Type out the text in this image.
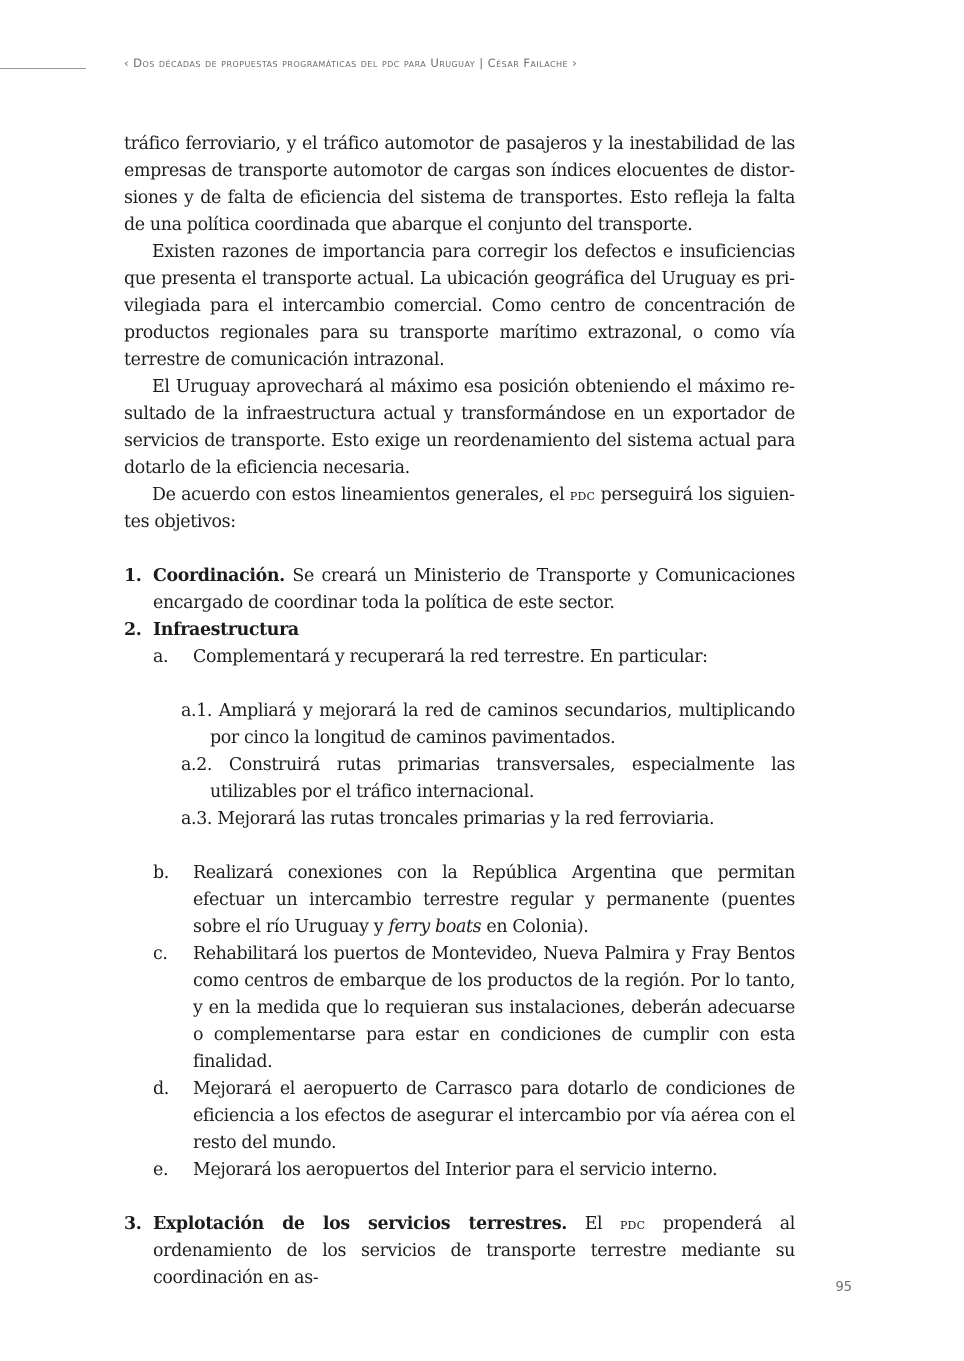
‹ Dos décadas de propuestas programáticas del pdc para Uruguay | César Failache ›

tráfico ferroviario, y el tráfico automotor de pasajeros y la inestabilidad de las empresas de transporte automotor de cargas son índices elocuentes de distorsiones y de falta de eficiencia del sistema de transportes. Esto refleja la falta de una política coordinada que abarque el conjunto del transporte.

Existen razones de importancia para corregir los defectos e insuficiencias que presenta el transporte actual. La ubicación geográfica del Uruguay es privilegiada para el intercambio comercial. Como centro de concentración de productos regionales para su transporte marítimo extrazonal, o como vía terrestre de comunicación intrazonal.

El Uruguay aprovechará al máximo esa posición obteniendo el máximo resultado de la infraestructura actual y transformándose en un exportador de servicios de transporte. Esto exige un reordenamiento del sistema actual para dotarlo de la eficiencia necesaria.

De acuerdo con estos lineamientos generales, el pdc perseguirá los siguientes objetivos:

1. Coordinación. Se creará un Ministerio de Transporte y Comunicaciones encargado de coordinar toda la política de este sector.
2. Infraestructura
a. Complementará y recuperará la red terrestre. En particular:
a.1. Ampliará y mejorará la red de caminos secundarios, multiplicando por cinco la longitud de caminos pavimentados.
a.2. Construirá rutas primarias transversales, especialmente las utilizables por el tráfico internacional.
a.3. Mejorará las rutas troncales primarias y la red ferroviaria.
b. Realizará conexiones con la República Argentina que permitan efectuar un intercambio terrestre regular y permanente (puentes sobre el río Uruguay y ferry boats en Colonia).
c. Rehabilitará los puertos de Montevideo, Nueva Palmira y Fray Bentos como centros de embarque de los productos de la región. Por lo tanto, y en la medida que lo requieran sus instalaciones, deberán adecuarse o complementarse para estar en condiciones de cumplir con esta finalidad.
d. Mejorará el aeropuerto de Carrasco para dotarlo de condiciones de eficiencia a los efectos de asegurar el intercambio por vía aérea con el resto del mundo.
e. Mejorará los aeropuertos del Interior para el servicio interno.
3. Explotación de los servicios terrestres. El pdc propenderá al ordenamiento de los servicios de transporte terrestre mediante su coordinación en as-	95
